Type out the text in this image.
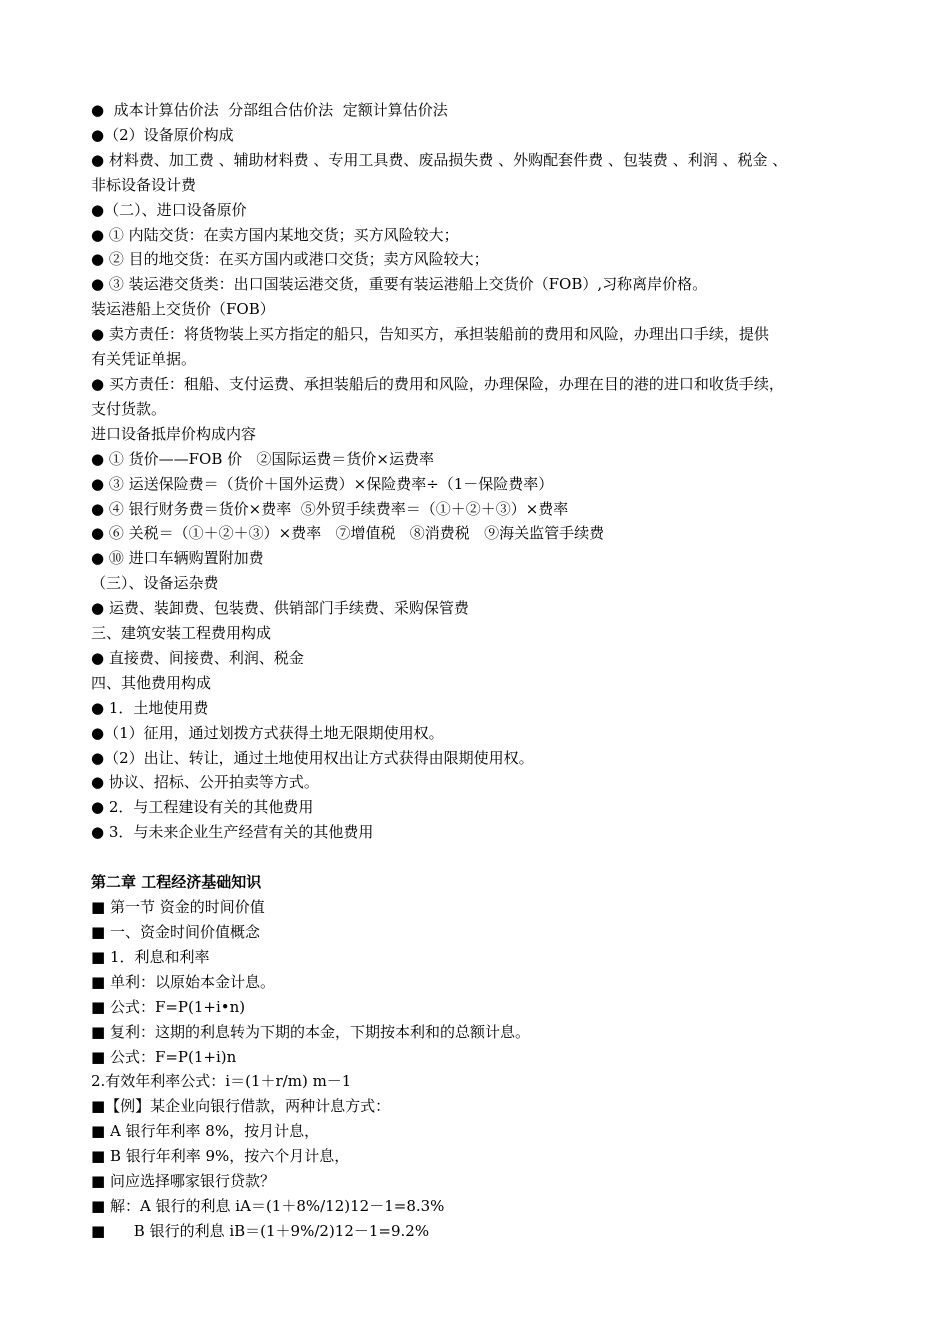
●  成本计算估价法  分部组合估价法  定额计算估价法

●（2）设备原价构成

● 材料费、加工费 、辅助材料费 、专用工具费、废品损失费 、外购配套件费 、包装费 、利润 、税金 、

非标设备设计费

●（二）、进口设备原价

● ① 内陆交货：在卖方国内某地交货；买方风险较大；

● ② 目的地交货：在买方国内或港口交货；卖方风险较大；

● ③ 装运港交货类：出口国装运港交货，重要有装运港船上交货价（FOB）,习称离岸价格。

装运港船上交货价（FOB）

● 卖方责任：将货物装上买方指定的船只，告知买方，承担装船前的费用和风险，办理出口手续，提供

有关凭证单据。

● 买方责任：租船、支付运费、承担装船后的费用和风险，办理保险，办理在目的港的进口和收货手续，

支付货款。

进口设备抵岸价构成内容

● ① 货价——FOB 价   ②国际运费＝货价×运费率

● ③ 运送保险费＝（货价＋国外运费）×保险费率÷（1－保险费率）

● ④ 银行财务费＝货价×费率  ⑤外贸手续费率＝（①＋②＋③）×费率

● ⑥ 关税＝（①＋②＋③）×费率   ⑦增值税   ⑧消费税   ⑨海关监管手续费

● ⑩ 进口车辆购置附加费

（三）、设备运杂费

● 运费、装卸费、包装费、供销部门手续费、采购保管费

三、建筑安装工程费用构成

● 直接费、间接费、利润、税金

四、其他费用构成

● 1．土地使用费

●（1）征用，通过划拨方式获得土地无限期使用权。

●（2）出让、转让，通过土地使用权出让方式获得由限期使用权。

● 协议、招标、公开拍卖等方式。

● 2．与工程建设有关的其他费用

● 3．与未来企业生产经营有关的其他费用

第二章 工程经济基础知识

■ 第一节 资金的时间价值

■ 一、资金时间价值概念

■ 1．利息和利率

■ 单利：以原始本金计息。

■ 公式：F=P(1+i•n)

■ 复利：这期的利息转为下期的本金，下期按本利和的总额计息。

■ 公式：F=P(1+i)n

2.有效年利率公式：i＝(1＋r/m) m－1

■【例】某企业向银行借款，两种计息方式：

■ A 银行年利率 8%，按月计息，

■ B 银行年利率 9%，按六个月计息，

■ 问应选择哪家银行贷款？

■ 解：A 银行的利息 iA＝(1＋8%/12)12－1=8.3%

■      B 银行的利息 iB＝(1＋9%/2)12－1=9.2%
